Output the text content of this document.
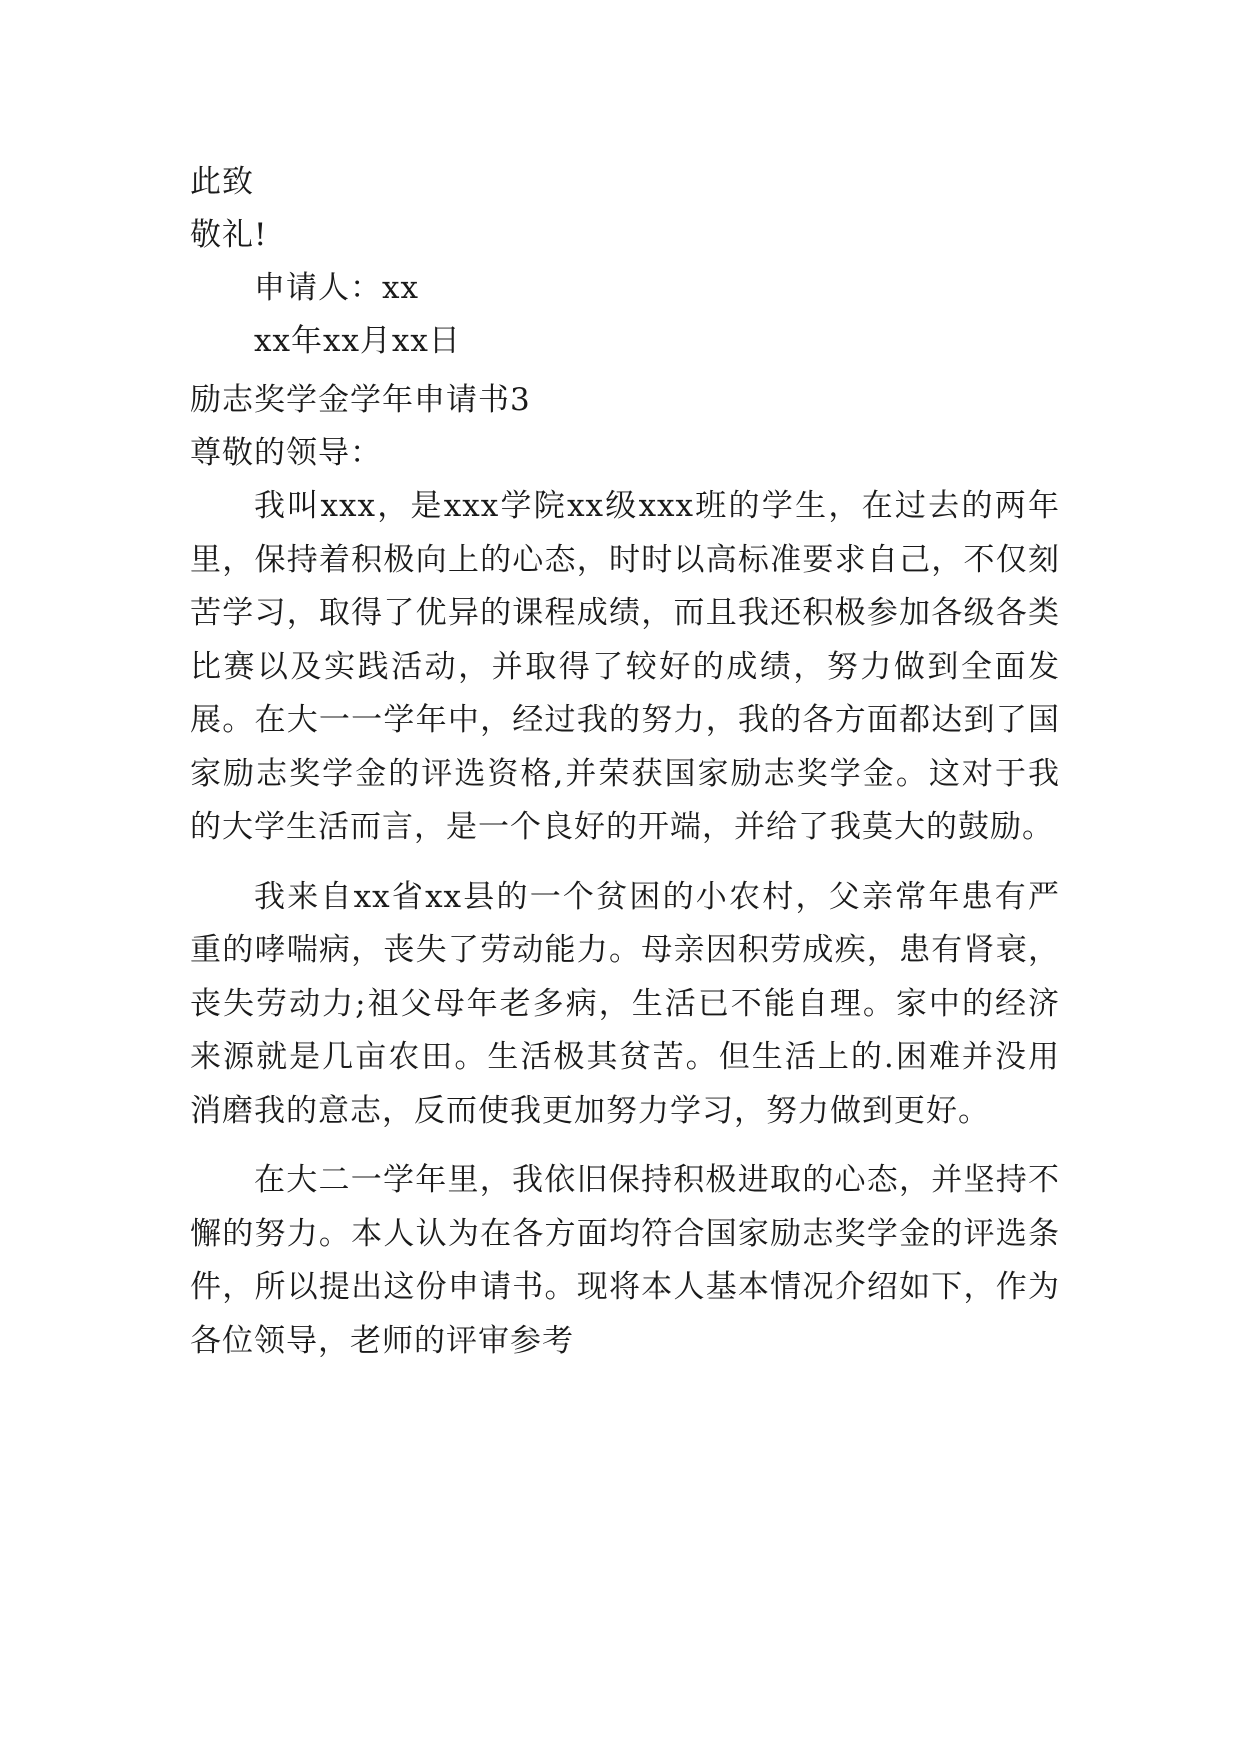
此致
敬礼!
申请人：xx
xx年xx月xx日
励志奖学金学年申请书3
尊敬的领导：

我叫xxx，是xxx学院xx级xxx班的学生，在过去的两年里，保持着积极向上的心态，时时以高标准要求自己，不仅刻苦学习，取得了优异的课程成绩，而且我还积极参加各级各类比赛以及实践活动，并取得了较好的成绩，努力做到全面发展。在大一一学年中，经过我的努力，我的各方面都达到了国家励志奖学金的评选资格,并荣获国家励志奖学金。这对于我的大学生活而言，是一个良好的开端，并给了我莫大的鼓励。

我来自xx省xx县的一个贫困的小农村，父亲常年患有严重的哮喘病，丧失了劳动能力。母亲因积劳成疾，患有肾衰，丧失劳动力;祖父母年老多病，生活已不能自理。家中的经济来源就是几亩农田。生活极其贫苦。但生活上的.困难并没用消磨我的意志，反而使我更加努力学习，努力做到更好。

在大二一学年里，我依旧保持积极进取的心态，并坚持不懈的努力。本人认为在各方面均符合国家励志奖学金的评选条件，所以提出这份申请书。现将本人基本情况介绍如下，作为各位领导，老师的评审参考
